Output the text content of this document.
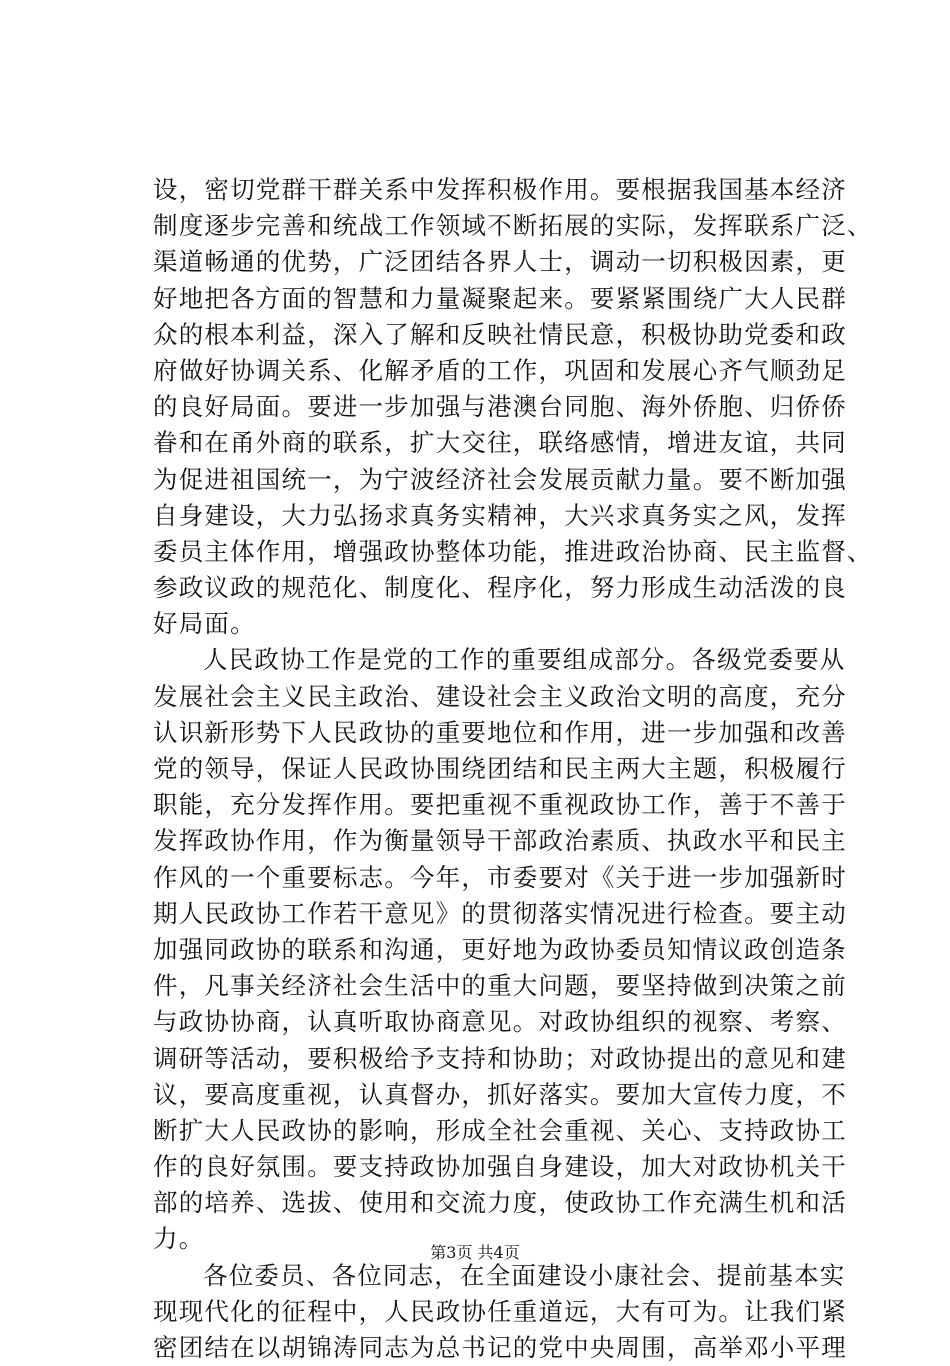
设，密切党群干群关系中发挥积极作用。要根据我国基本经济
制度逐步完善和统战工作领域不断拓展的实际，发挥联系广泛、
渠道畅通的优势，广泛团结各界人士，调动一切积极因素，更
好地把各方面的智慧和力量凝聚起来。要紧紧围绕广大人民群
众的根本利益，深入了解和反映社情民意，积极协助党委和政
府做好协调关系、化解矛盾的工作，巩固和发展心齐气顺劲足
的良好局面。要进一步加强与港澳台同胞、海外侨胞、归侨侨
眷和在甬外商的联系，扩大交往，联络感情，增进友谊，共同
为促进祖国统一，为宁波经济社会发展贡献力量。要不断加强
自身建设，大力弘扬求真务实精神，大兴求真务实之风，发挥
委员主体作用，增强政协整体功能，推进政治协商、民主监督、
参政议政的规范化、制度化、程序化，努力形成生动活泼的良
好局面。
人民政协工作是党的工作的重要组成部分。各级党委要从
发展社会主义民主政治、建设社会主义政治文明的高度，充分
认识新形势下人民政协的重要地位和作用，进一步加强和改善
党的领导，保证人民政协围绕团结和民主两大主题，积极履行
职能，充分发挥作用。要把重视不重视政协工作，善于不善于
发挥政协作用，作为衡量领导干部政治素质、执政水平和民主
作风的一个重要标志。今年，市委要对《关于进一步加强新时
期人民政协工作若干意见》的贯彻落实情况进行检查。要主动
加强同政协的联系和沟通，更好地为政协委员知情议政创造条
件，凡事关经济社会生活中的重大问题，要坚持做到决策之前
与政协协商，认真听取协商意见。对政协组织的视察、考察、
调研等活动，要积极给予支持和协助；对政协提出的意见和建
议，要高度重视，认真督办，抓好落实。要加大宣传力度，不
断扩大人民政协的影响，形成全社会重视、关心、支持政协工
作的良好氛围。要支持政协加强自身建设，加大对政协机关干
部的培养、选拔、使用和交流力度，使政协工作充满生机和活
力。
各位委员、各位同志，在全面建设小康社会、提前基本实
现现代化的征程中，人民政协任重道远，大有可为。让我们紧
密团结在以胡锦涛同志为总书记的党中央周围，高举邓小平理
第3页 共4页
